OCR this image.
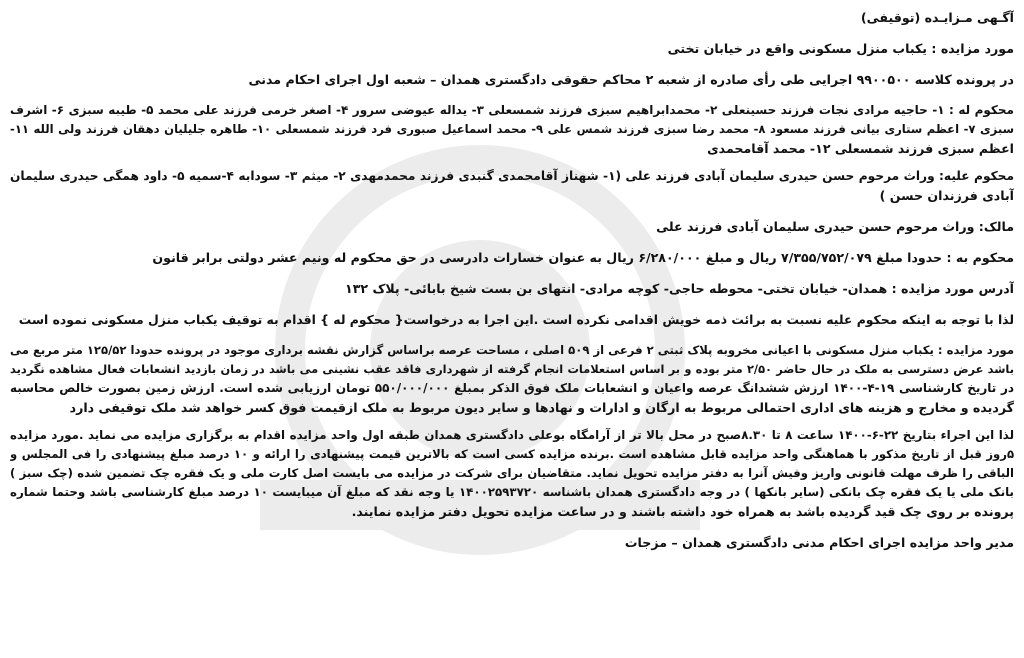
آگـهی مـزایـده (توقیفی)
مورد مزایده : یکباب منزل مسکونی واقع در خیابان تختی
در پرونده کلاسه ۹۹۰۰۵۰۰ اجرایی طی رأی صادره از شعبه ۲ محاکم حقوقی دادگستری همدان – شعبه اول اجرای احکام مدنی
محکوم له : ۱- حاجیه مرادی نجات فرزند حسینعلی ۲- محمدابراهیم سبزی فرزند شمسعلی ۳- یداله عیوضی سرور ۴- اصغر خرمی فرزند علی محمد ۵- طیبه سبزی ۶- اشرف
سبزی ۷- اعظم ستاری بیانی فرزند مسعود ۸- محمد رضا سبزی فرزند شمس علی ۹- محمد اسماعیل صبوری فرد فرزند شمسعلی ۱۰- طاهره جلیلیان دهقان فرزند ولی الله ۱۱-
اعظم سبزی فرزند شمسعلی ۱۲- محمد آقامحمدی
محکوم علیه: وراث مرحوم حسن حیدری سلیمان آبادی فرزند علی (۱- شهناز آقامحمدی گنبدی فرزند محمدمهدی ۲- میثم ۳- سودابه ۴-سمیه ۵- داود همگی حیدری سلیمان
آبادی فرزندان حسن )
مالک: وراث مرحوم حسن حیدری سلیمان آبادی فرزند علی
محکوم به : حدودا مبلغ ۷/۳۵۵/۷۵۲/۰۷۹ ریال و مبلغ ۶/۲۸۰/۰۰۰ ریال به عنوان خسارات دادرسی در حق محکوم له ونیم عشر دولتی برابر قانون
آدرس مورد مزایده : همدان- خیابان تختی- محوطه حاجی- کوچه مرادی- انتهای بن بست شیخ بابائی- پلاک ۱۳۲
لذا با توجه به اینکه محکوم علیه نسبت به برائت ذمه خویش اقدامی نکرده است .این اجرا به درخواست{ محکوم له } اقدام به توقیف یکباب منزل مسکونی نموده است
مورد مزایده : یکباب منزل مسکونی با اعیانی مخروبه پلاک ثبتی ۲ فرعی از ۵۰۹ اصلی ، مساحت عرصه براساس گزارش نقشه برداری موجود در پرونده حدودا ۱۲۵/۵۲ متر مربع می
باشد عرض دسترسی به ملک در حال حاضر ۲/۵۰ متر بوده و بر اساس استعلامات انجام گرفته از شهرداری فاقد عقب نشینی می باشد در زمان بازدید انشعابات فعال مشاهده نگردید
در تاریخ کارشناسی ۱۹-۴-۱۴۰۰ ارزش ششدانگ عرصه واعیان و انشعابات ملک فوق الذکر بمبلغ ۵۵۰/۰۰۰/۰۰۰ تومان ارزیابی شده است. ارزش زمین بصورت خالص محاسبه
گردیده و مخارج و هزینه های اداری احتمالی مربوط به ارگان و ادارات و نهادها و سایر دیون مربوط به ملک ازقیمت فوق کسر خواهد شد ملک توقیفی دارد
لذا این اجراء بتاریخ ۲۲-۶-۱۴۰۰ ساعت ۸ تا ۸.۳۰صبح در محل بالا تر از آرامگاه بوعلی دادگستری همدان طبقه اول واحد مزایده اقدام به برگزاری مزایده می نماید .مورد مزایده
۵روز قبل از تاریخ مذکور با هماهنگی واحد مزایده قابل مشاهده است .برنده مزایده کسی است که بالاترین قیمت پیشنهادی را ارائه و ۱۰ درصد مبلغ پیشنهادی را فی المجلس و
الباقی را ظرف مهلت قانونی واریز وفیش آنرا به دفتر مزایده تحویل نماید. متقاضیان برای شرکت در مزایده می بایست اصل کارت ملی و یک فقره چک تضمین شده (چک سبز )
بانک ملی یا یک فقره چک بانکی (سایر بانکها ) در وجه دادگستری همدان باشناسه ۱۴۰۰۲۵۹۳۷۲۰ یا وجه نقد که مبلغ آن میبایست ۱۰ درصد مبلغ کارشناسی باشد وحتما شماره
پرونده بر روی چک قید گردیده باشد به همراه خود داشته باشند و در ساعت مزایده تحویل دفتر مزایده نمایند.
مدیر واحد مزایده اجرای احکام مدنی دادگستری همدان – مزجات
